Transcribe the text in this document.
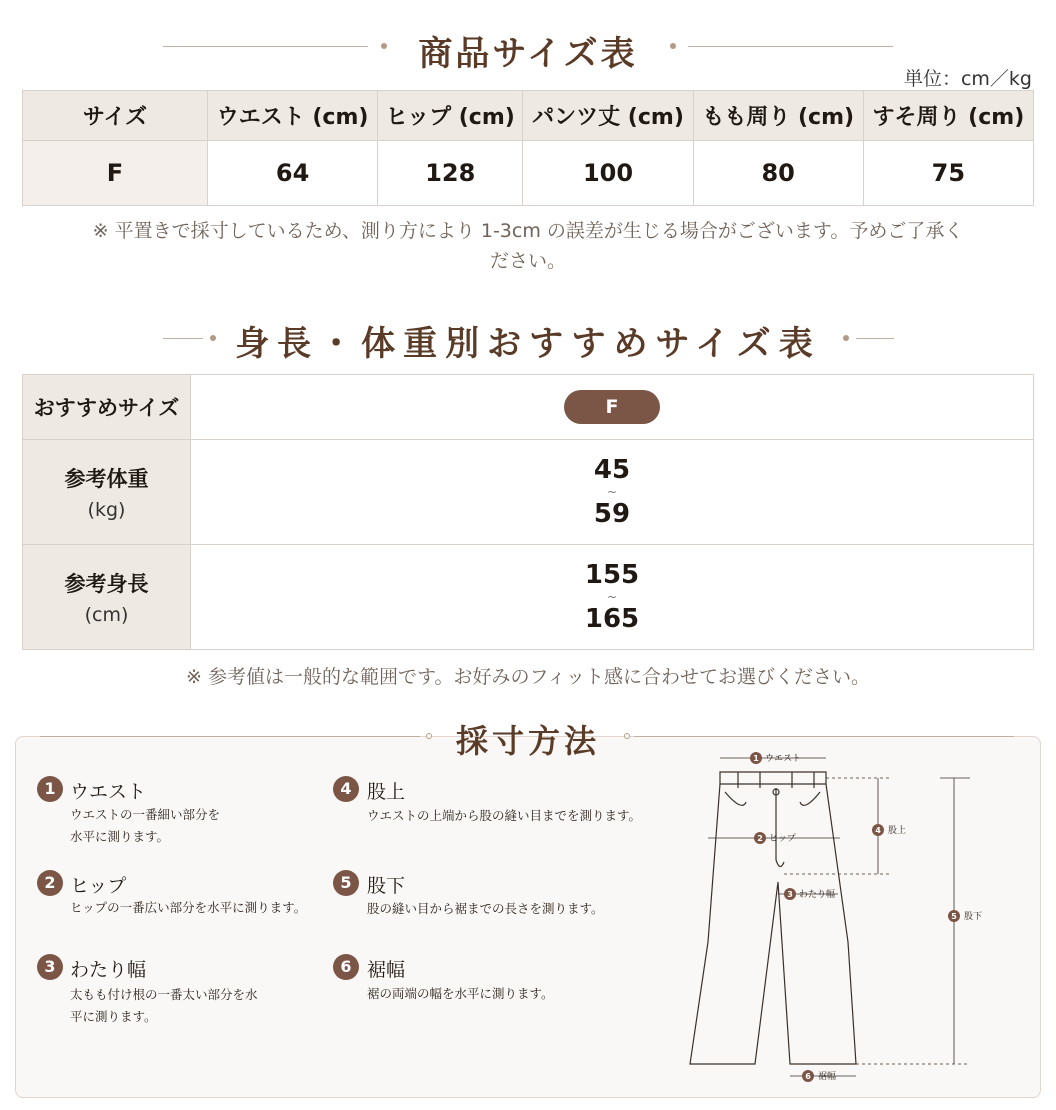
商品サイズ表
単位：cm／kg
サイズ	ウエスト (cm)	ヒップ (cm)	パンツ丈 (cm)	もも周り (cm)	すそ周り (cm)
F	64	128	100	80	75
※ 平置きで採寸しているため、測り方により 1-3cm の誤差が生じる場合がございます。予めご了承く
ださい。
身長・体重別おすすめサイズ表
おすすめサイズ	F
参考体重
(kg)	45
~
59

参考身長
(cm)	155
~
165
※ 参考値は一般的な範囲です。お好みのフィット感に合わせてお選びください。
採寸方法
1 ウエスト
ウエストの一番細い部分を
水平に測ります。
2 ヒップ
ヒップの一番広い部分を水平に測ります。
3 わたり幅
太もも付け根の一番太い部分を水
平に測ります。
4 股上
ウエストの上端から股の縫い目までを測ります。
5 股下
股の縫い目から裾までの長さを測ります。
6 裾幅
裾の両端の幅を水平に測ります。
1
2
3
4
5
6
ウエスト
ヒップ
わたり幅
股上
股下
裾幅
